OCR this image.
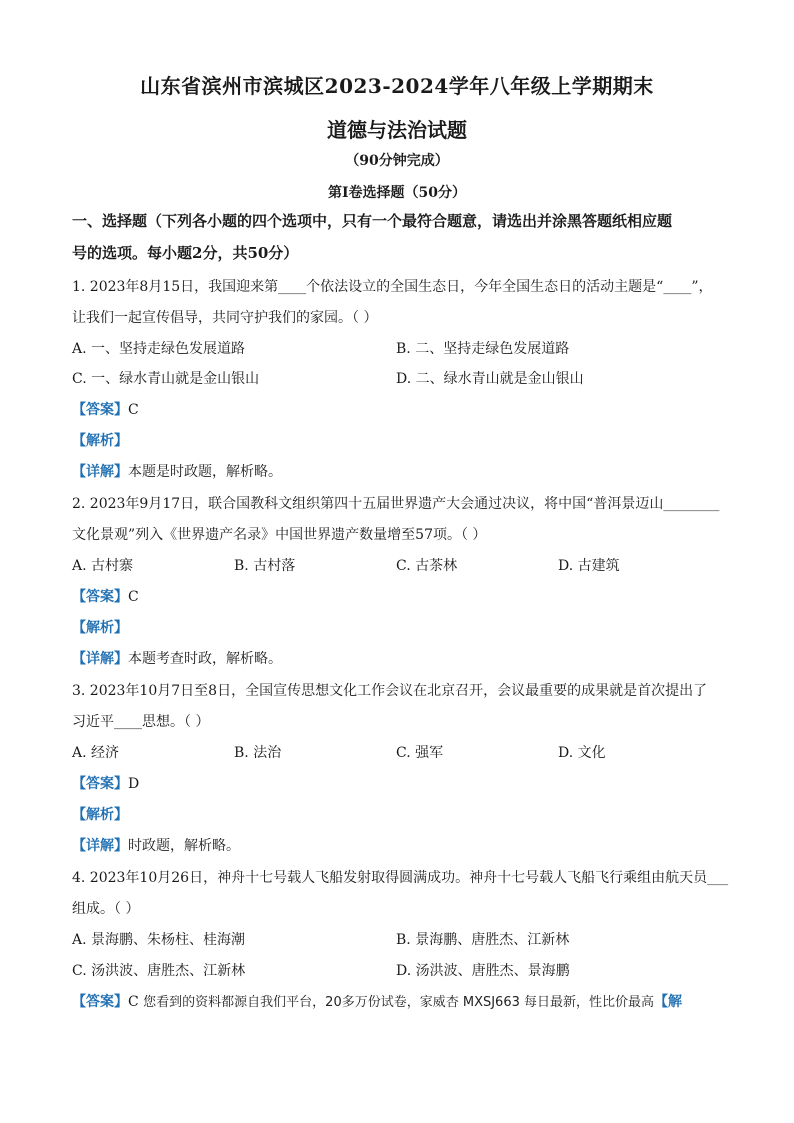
山东省滨州市滨城区2023-2024学年八年级上学期期末
道德与法治试题
（90分钟完成）
第I卷选择题（50分）
一、选择题（下列各小题的四个选项中，只有一个最符合题意，请选出并涂黑答题纸相应题
号的选项。每小题2分，共50分）
1. 2023年8月15日，我国迎来第____个依法设立的全国生态日，今年全国生态日的活动主题是“____”，
让我们一起宣传倡导，共同守护我们的家园。（ ）
A. 一、坚持走绿色发展道路	B. 二、坚持走绿色发展道路
C. 一、绿水青山就是金山银山	D. 二、绿水青山就是金山银山
【答案】C
【解析】
【详解】本题是时政题，解析略。
2. 2023年9月17日，联合国教科文组织第四十五届世界遗产大会通过决议，将中国“普洱景迈山________
文化景观”列入《世界遗产名录》中国世界遗产数量增至57项。（ ）
A. 古村寨	B. 古村落	C. 古茶林	D. 古建筑
【答案】C
【解析】
【详解】本题考查时政，解析略。
3. 2023年10月7日至8日，全国宣传思想文化工作会议在北京召开，会议最重要的成果就是首次提出了
习近平____思想。（ ）
A. 经济	B. 法治	C. 强军	D. 文化
【答案】D
【解析】
【详解】时政题，解析略。
4. 2023年10月26日，神舟十七号载人飞船发射取得圆满成功。神舟十七号载人飞船飞行乘组由航天员___
组成。（ ）
A. 景海鹏、朱杨柱、桂海潮	B. 景海鹏、唐胜杰、江新林
C. 汤洪波、唐胜杰、江新林	D. 汤洪波、唐胜杰、景海鹏
【答案】C 您看到的资料都源自我们平台，20多万份试卷，家威杏 MXSJ663 每日最新，性比价最高【解
